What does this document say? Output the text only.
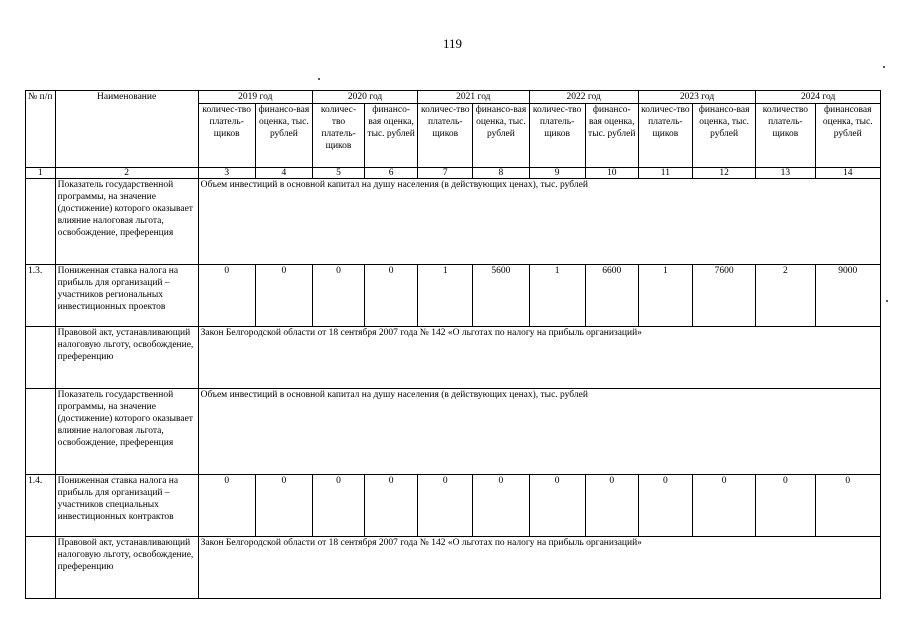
119
№ п/п	Наименование	2019 год		2020 год		2021 год		2022 год		2023 год		2024 год	
		количес-тво платель-щиков	финансо-вая оценка, тыс. рублей	количес-тво платель-щиков	финансо-вая оценка, тыс. рублей	количес-тво платель-щиков	финансо-вая оценка, тыс. рублей	количес-тво платель-щиков	финансо-вая оценка, тыс. рублей	количес-тво платель-щиков	финансо-вая оценка, тыс. рублей	количество платель-щиков	финансовая оценка, тыс. рублей
1	2	3	4	5	6	7	8	9	10	11	12	13	14
	Показатель государственной программы, на значение (достижение) которого оказывает влияние налоговая льгота, освобождение, преференция	Объем инвестиций в основной капитал на душу населения (в действующих ценах), тыс. рублей											
1.3.	Пониженная ставка налога на прибыль для организаций – участников региональных инвестиционных проектов	0	0	0	0	1	5600	1	6600	1	7600	2	9000
	Правовой акт, устанавливающий налоговую льготу, освобождение, преференцию	Закон Белгородской области от 18 сентября 2007 года № 142 «О льготах по налогу на прибыль организаций»											
	Показатель государственной программы, на значение (достижение) которого оказывает влияние налоговая льгота, освобождение, преференция	Объем инвестиций в основной капитал на душу населения (в действующих ценах), тыс. рублей											
1.4.	Пониженная ставка налога на прибыль для организаций – участников специальных инвестиционных контрактов	0	0	0	0	0	0	0	0	0	0	0	0
	Правовой акт, устанавливающий налоговую льготу, освобождение, преференцию	Закон Белгородской области от 18 сентября 2007 года № 142 «О льготах по налогу на прибыль организаций»											
